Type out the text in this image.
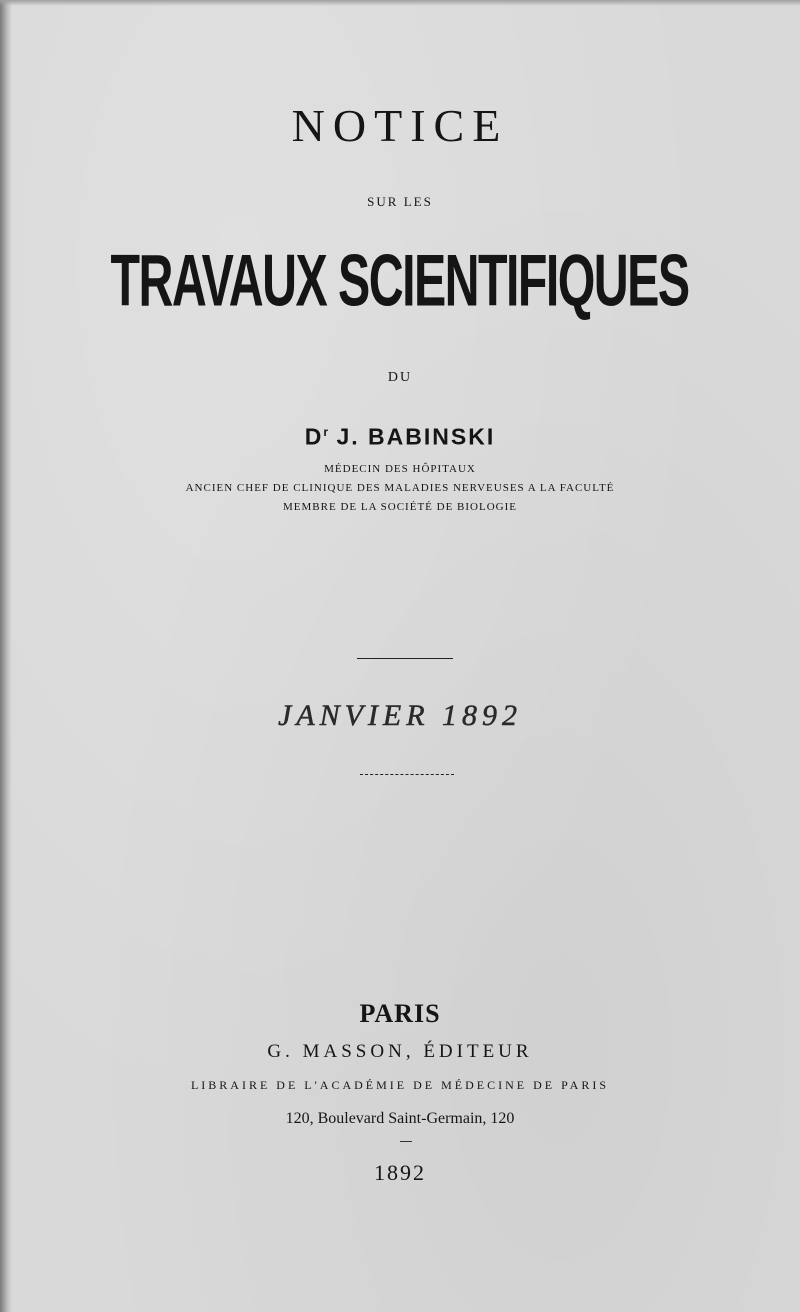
NOTICE
SUR LES
TRAVAUX SCIENTIFIQUES
DU
$D^r$ J. BABINSKI
MÉDECIN DES HÔPITAUX
ANCIEN CHEF DE CLINIQUE DES MALADIES NERVEUSES A LA FACULTÉ
MEMBRE DE LA SOCIÉTÉ DE BIOLOGIE
JANVIER 1892
PARIS
G. MASSON, ÉDITEUR
LIBRAIRE DE L'ACADÉMIE DE MÉDECINE DE PARIS
120, Boulevard Saint-Germain, 120
1892
